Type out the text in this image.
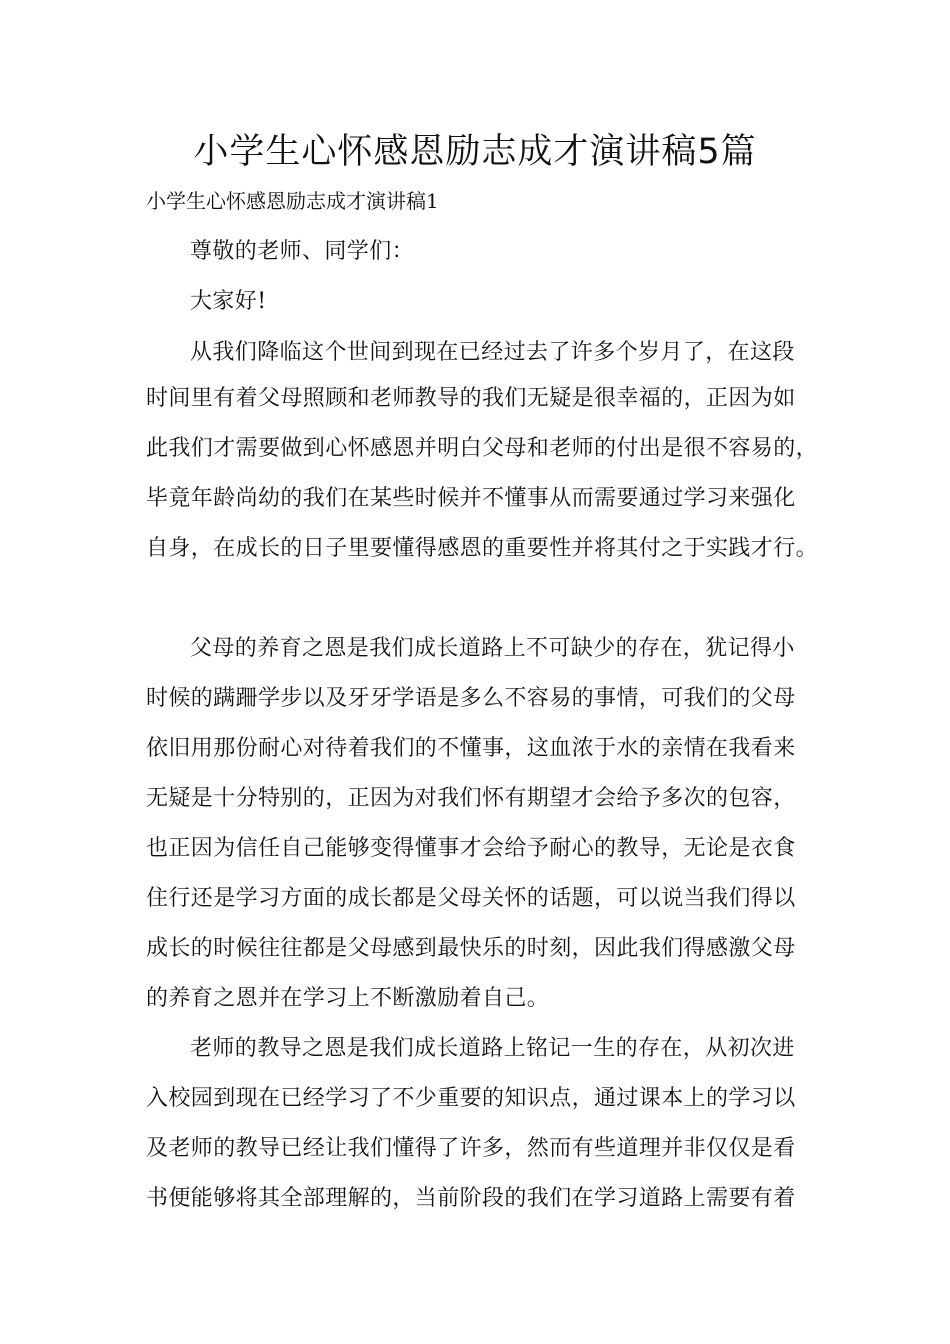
小学生心怀感恩励志成才演讲稿5篇
小学生心怀感恩励志成才演讲稿1
尊敬的老师、同学们：
大家好!
从我们降临这个世间到现在已经过去了许多个岁月了，在这段
时间里有着父母照顾和老师教导的我们无疑是很幸福的，正因为如
此我们才需要做到心怀感恩并明白父母和老师的付出是很不容易的，
毕竟年龄尚幼的我们在某些时候并不懂事从而需要通过学习来强化
自身，在成长的日子里要懂得感恩的重要性并将其付之于实践才行。
父母的养育之恩是我们成长道路上不可缺少的存在，犹记得小
时候的蹒跚学步以及牙牙学语是多么不容易的事情，可我们的父母
依旧用那份耐心对待着我们的不懂事，这血浓于水的亲情在我看来
无疑是十分特别的，正因为对我们怀有期望才会给予多次的包容，
也正因为信任自己能够变得懂事才会给予耐心的教导，无论是衣食
住行还是学习方面的成长都是父母关怀的话题，可以说当我们得以
成长的时候往往都是父母感到最快乐的时刻，因此我们得感激父母
的养育之恩并在学习上不断激励着自己。
老师的教导之恩是我们成长道路上铭记一生的存在，从初次进
入校园到现在已经学习了不少重要的知识点，通过课本上的学习以
及老师的教导已经让我们懂得了许多，然而有些道理并非仅仅是看
书便能够将其全部理解的，当前阶段的我们在学习道路上需要有着
